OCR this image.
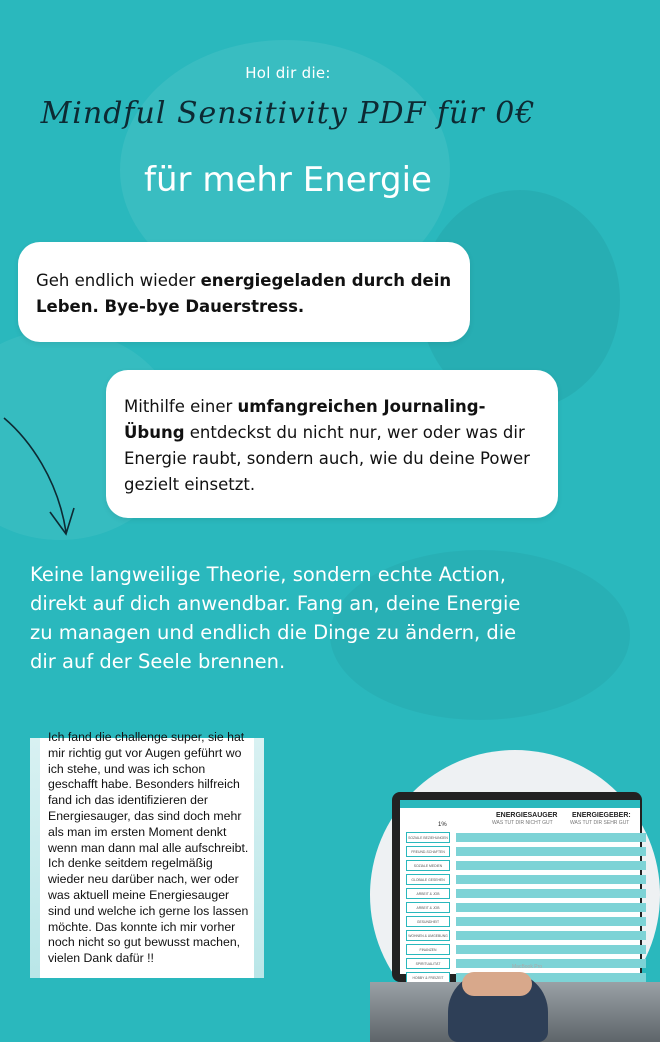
Hol dir die:
Mindful Sensitivity PDF für 0€
für mehr Energie
Geh endlich wieder energiegeladen durch dein Leben. Bye-bye Dauerstress.
Mithilfe einer umfangreichen Journaling-Übung entdeckst du nicht nur, wer oder was dir Energie raubt, sondern auch, wie du deine Power gezielt einsetzt.
Keine langweilige Theorie, sondern echte Action, direkt auf dich anwendbar. Fang an, deine Energie zu managen und endlich die Dinge zu ändern, die dir auf der Seele brennen.
Ich fand die challenge super, sie hat mir richtig gut vor Augen geführt wo ich stehe, und was ich schon geschafft habe. Besonders hilfreich fand ich das identifizieren der Energiesauger, das sind doch mehr als man im ersten Moment denkt wenn man dann mal alle aufschreibt. Ich denke seitdem regelmäßig wieder neu darüber nach, wer oder was aktuell meine Energiesauger sind und welche ich gerne los lassen möchte. Das konnte ich mir vorher noch nicht so gut bewusst machen, vielen Dank dafür !!
1%
ENERGIESAUGER
WAS TUT DIR NICHT GUT
ENERGIEGEBER:
WAS TUT DIR SEHR GUT
SOZIALE BEZIEHUNGEN
FREUND-SCHAFTEN
SOZIALE MEDIEN
GLOBALE GESEHEN
ARBEIT & JOB
ARBEIT & JOB
GESUNDHEIT
WOHNEN & UMGEBUNG
FINANZEN
SPIRITUALITÄT
HOBBY & FREIZEIT
MacBook Pro
